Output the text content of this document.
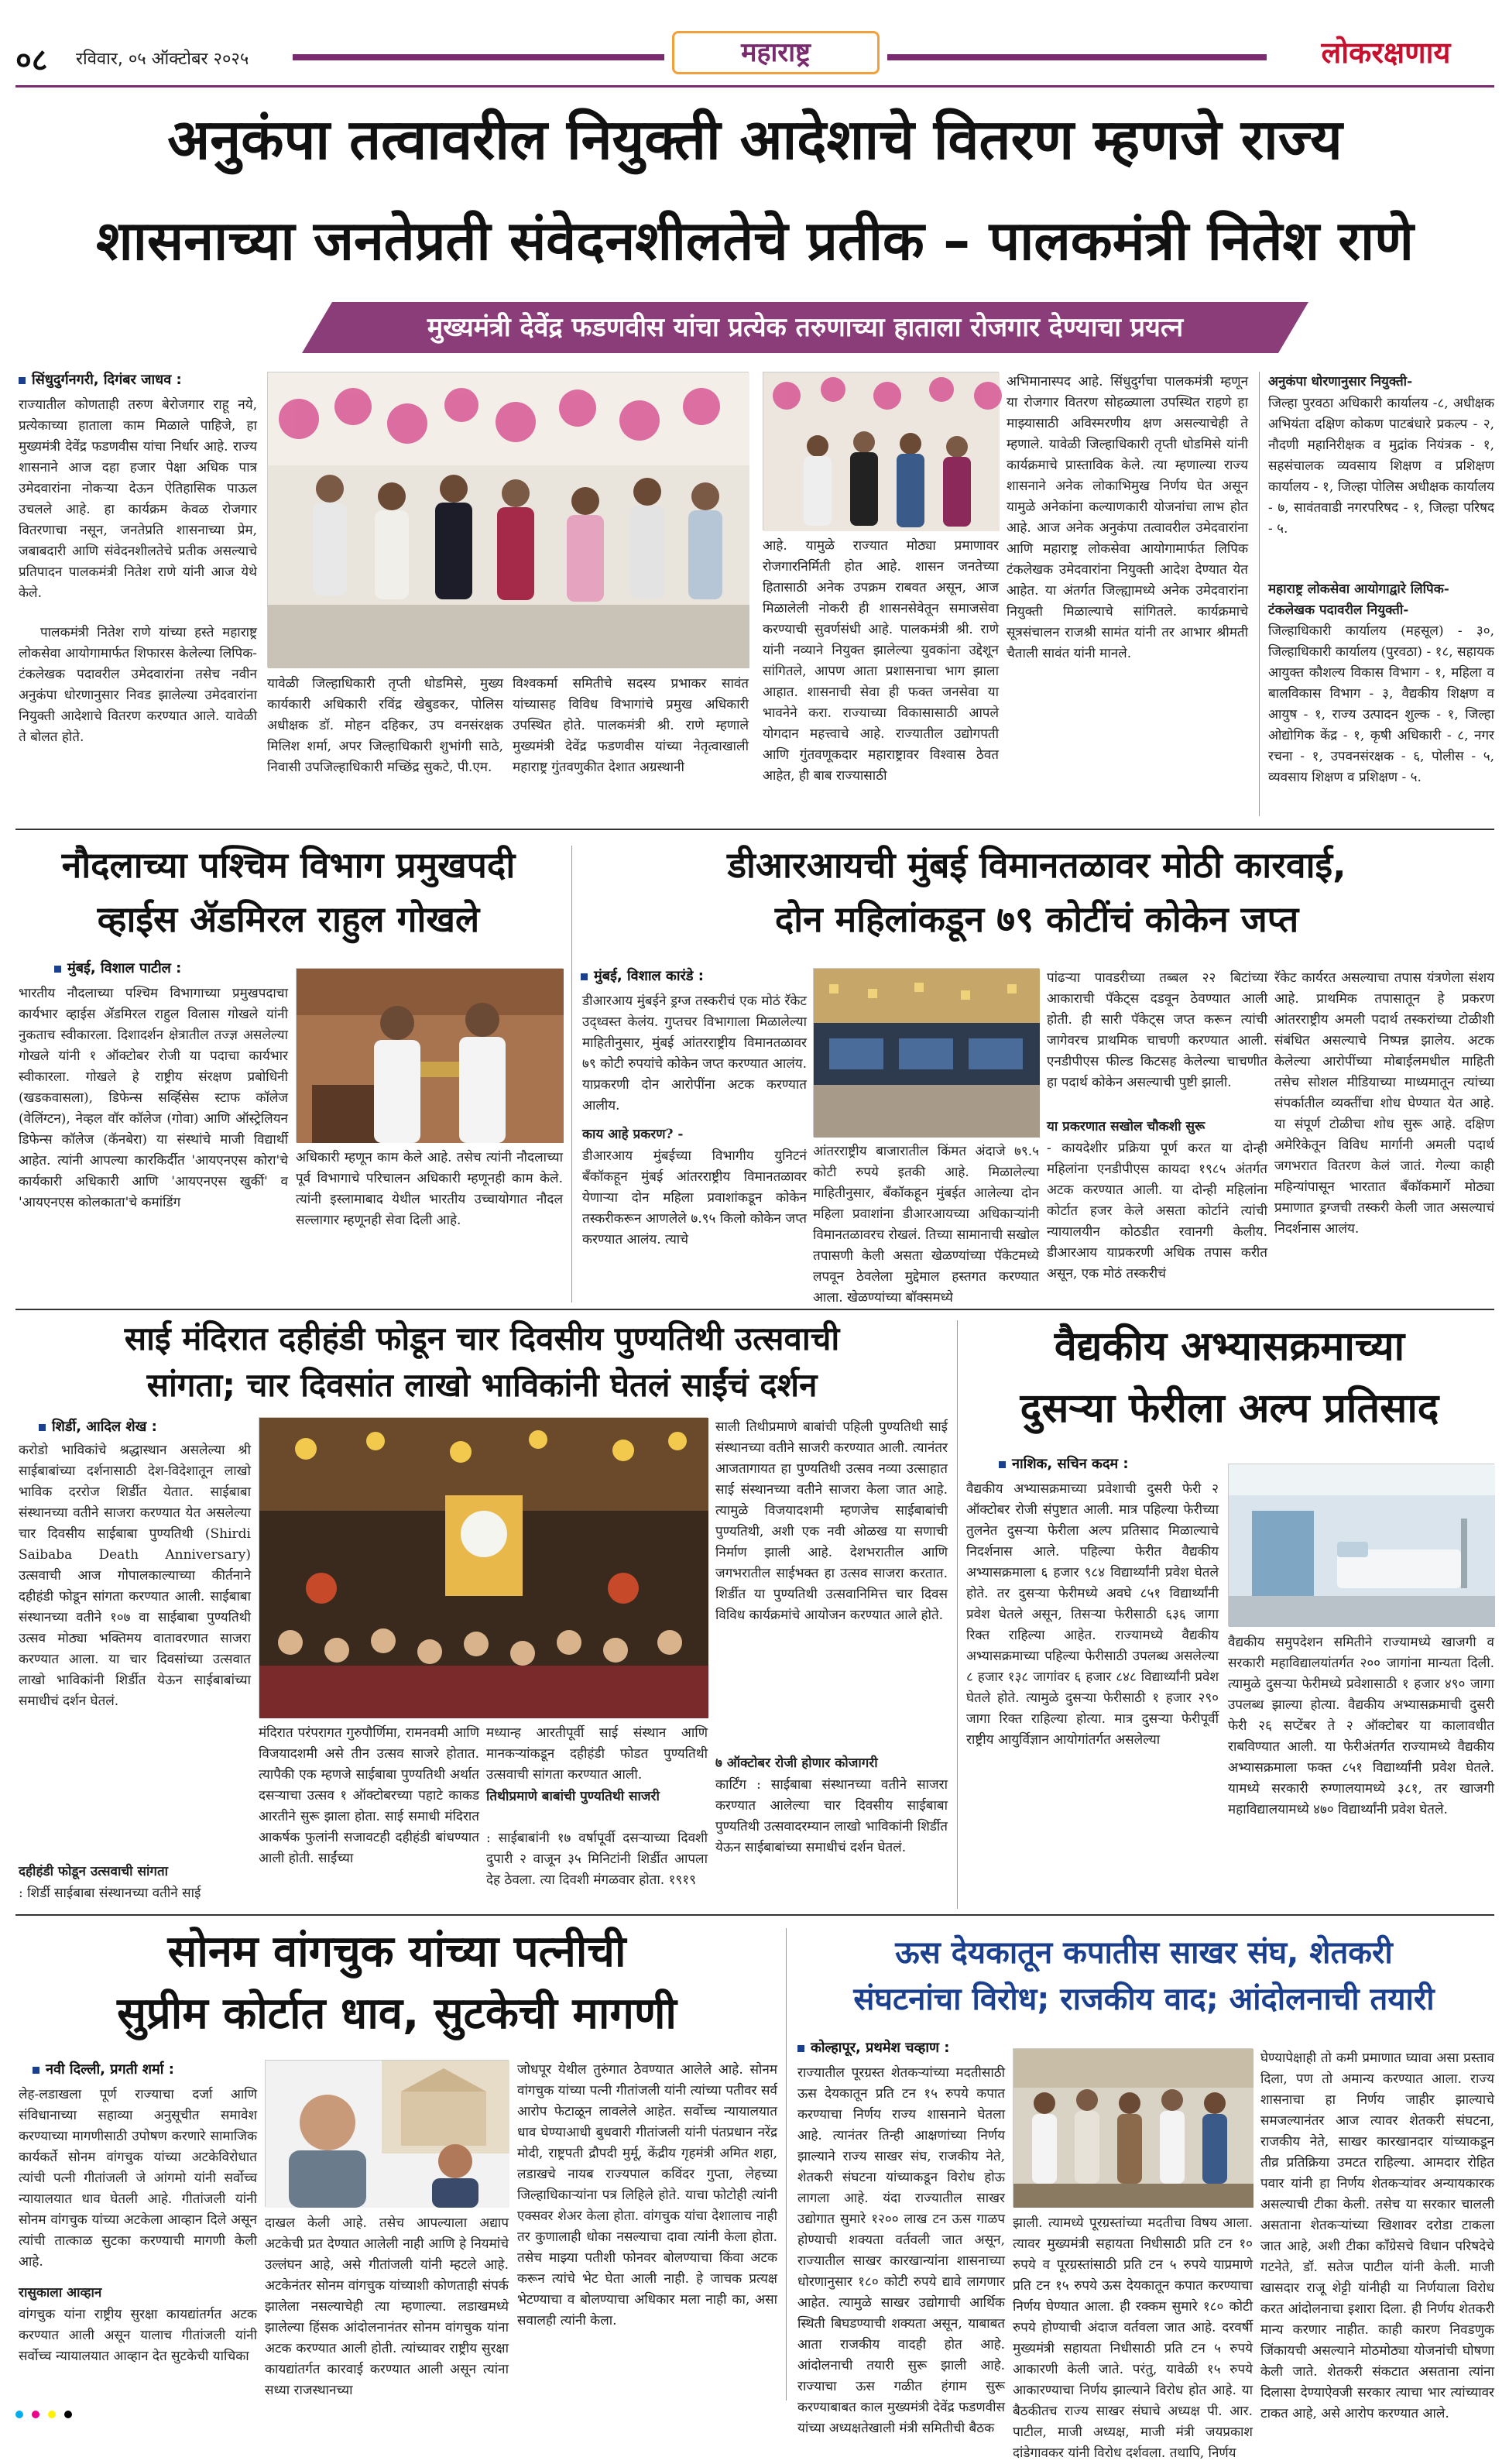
०८ रविवार, ०५ ऑक्टोबर २०२५	महाराष्ट्र	लोकरक्षणाय
अनुकंपा तत्वावरील नियुक्ती आदेशाचे वितरण म्हणजे राज्य
शासनाच्या जनतेप्रती संवेदनशीलतेचे प्रतीक – पालकमंत्री नितेश राणे
मुख्यमंत्री देवेंद्र फडणवीस यांचा प्रत्येक तरुणाच्या हाताला रोजगार देण्याचा प्रयत्न
सिंधुदुर्गनगरी, दिगंबर जाधव :
राज्यातील कोणताही तरुण बेरोजगार राहू नये, प्रत्येकाच्या हाताला काम मिळाले पाहिजे, हा मुख्यमंत्री देवेंद्र फडणवीस यांचा निर्धार आहे. राज्य शासनाने आज दहा हजार पेक्षा अधिक पात्र उमेदवारांना नोकऱ्या देऊन ऐतिहासिक पाऊल उचलले आहे. हा कार्यक्रम केवळ रोजगार वितरणाचा नसून, जनतेप्रति शासनाच्या प्रेम, जबाबदारी आणि संवेदनशीलतेचे प्रतीक असल्याचे प्रतिपादन पालकमंत्री नितेश राणे यांनी आज येथे केले.
पालकमंत्री नितेश राणे यांच्या हस्ते महाराष्ट्र लोकसेवा आयोगामार्फत शिफारस केलेल्या लिपिक-टंकलेखक पदावरील उमेदवारांना तसेच नवीन अनुकंपा धोरणानुसार निवड झालेल्या उमेदवारांना नियुक्ती आदेशाचे वितरण करण्यात आले. यावेळी ते बोलत होते.
यावेळी जिल्हाधिकारी तृप्ती धोडमिसे, मुख्य कार्यकारी अधिकारी रविंद्र खेबुडकर, पोलिस अधीक्षक डॉ. मोहन दहिकर, उप वनसंरक्षक मिलिश शर्मा, अपर जिल्हाधिकारी शुभांगी साठे, निवासी उपजिल्हाधिकारी मच्छिंद्र सुकटे, पी.एम.
विश्वकर्मा समितीचे सदस्य प्रभाकर सावंत यांच्यासह विविध विभागांचे प्रमुख अधिकारी उपस्थित होते. पालकमंत्री श्री. राणे म्हणाले मुख्यमंत्री देवेंद्र फडणवीस यांच्या नेतृत्वाखाली महाराष्ट्र गुंतवणुकीत देशात अग्रस्थानी
आहे. यामुळे राज्यात मोठ्या प्रमाणावर रोजगारनिर्मिती होत आहे. शासन जनतेच्या हितासाठी अनेक उपक्रम राबवत असून, आज मिळालेली नोकरी ही शासनसेवेतून समाजसेवा करण्याची सुवर्णसंधी आहे. पालकमंत्री श्री. राणे यांनी नव्याने नियुक्त झालेल्या युवकांना उद्देशून सांगितले, आपण आता प्रशासनाचा भाग झाला आहात. शासनाची सेवा ही फक्त जनसेवा या भावनेने करा. राज्याच्या विकासासाठी आपले योगदान महत्त्वाचे आहे. राज्यातील उद्योगपती आणि गुंतवणूकदार महाराष्ट्रावर विश्वास ठेवत आहेत, ही बाब राज्यासाठी
अभिमानास्पद आहे. सिंधुदुर्गचा पालकमंत्री म्हणून या रोजगार वितरण सोहळ्याला उपस्थित राहणे हा माझ्यासाठी अविस्मरणीय क्षण असल्याचेही ते म्हणाले. यावेळी जिल्हाधिकारी तृप्ती धोडमिसे यांनी कार्यक्रमाचे प्रास्ताविक केले. त्या म्हणाल्या राज्य शासनाने अनेक लोकाभिमुख निर्णय घेत असून यामुळे अनेकांना कल्याणकारी योजनांचा लाभ होत आहे. आज अनेक अनुकंपा तत्वावरील उमेदवारांना आणि महाराष्ट्र लोकसेवा आयोगामार्फत लिपिक टंकलेखक उमेदवारांना नियुक्ती आदेश देण्यात येत आहेत. या अंतर्गत जिल्ह्यामध्ये अनेक उमेदवारांना नियुक्ती मिळाल्याचे सांगितले. कार्यक्रमाचे सूत्रसंचालन राजश्री सामंत यांनी तर आभार श्रीमती चैताली सावंत यांनी मानले.
अनुकंपा धोरणानुसार नियुक्ती-
जिल्हा पुरवठा अधिकारी कार्यालय -८, अधीक्षक अभियंता दक्षिण कोकण पाटबंधारे प्रकल्प - २, नौदणी महानिरीक्षक व मुद्रांक नियंत्रक - १, सहसंचालक व्यवसाय शिक्षण व प्रशिक्षण कार्यालय - १, जिल्हा पोलिस अधीक्षक कार्यालय - ७, सावंतवाडी नगरपरिषद - १, जिल्हा परिषद - ५.
महाराष्ट्र लोकसेवा आयोगाद्वारे लिपिक-टंकलेखक पदावरील नियुक्ती-
जिल्हाधिकारी कार्यालय (महसूल) - ३०, जिल्हाधिकारी कार्यालय (पुरवठा) - १८, सहायक आयुक्त कौशल्य विकास विभाग - १, महिला व बालविकास विभाग - ३, वैद्यकीय शिक्षण व आयुष - १, राज्य उत्पादन शुल्क - १, जिल्हा ओद्योगिक केंद्र - १, कृषी अधिकारी - ८, नगर रचना - १, उपवनसंरक्षक - ६, पोलीस - ५, व्यवसाय शिक्षण व प्रशिक्षण - ५.
नौदलाच्या पश्चिम विभाग प्रमुखपदी
व्हाईस ॲडमिरल राहुल गोखले
मुंबई, विशाल पाटील :
भारतीय नौदलाच्या पश्चिम विभागाच्या प्रमुखपदाचा कार्यभार व्हाईस ॲडमिरल राहुल विलास गोखले यांनी नुकताच स्वीकारला. दिशादर्शन क्षेत्रातील तज्ज्ञ असलेल्या गोखले यांनी १ ऑक्टोबर रोजी या पदाचा कार्यभार स्वीकारला. गोखले हे राष्ट्रीय संरक्षण प्रबोधिनी (खडकवासला), डिफेन्स सर्व्हिसेस स्टाफ कॉलेज (वेलिंग्टन), नेव्हल वॉर कॉलेज (गोवा) आणि ऑस्ट्रेलियन डिफेन्स कॉलेज (कॅनबेरा) या संस्थांचे माजी विद्यार्थी आहेत. त्यांनी आपल्या कारकिर्दीत 'आयएनएस कोरा'चे कार्यकारी अधिकारी आणि 'आयएनएस खुर्की' व 'आयएनएस कोलकाता'चे कमांडिंग
अधिकारी म्हणून काम केले आहे. तसेच त्यांनी नौदलाच्या पूर्व विभागाचे परिचालन अधिकारी म्हणूनही काम केले. त्यांनी इस्लामाबाद येथील भारतीय उच्चायोगात नौदल सल्लागार म्हणूनही सेवा दिली आहे.
डीआरआयची मुंबई विमानतळावर मोठी कारवाई,
दोन महिलांकडून ७९ कोटींचं कोकेन जप्त
मुंबई, विशाल कारंडे :
डीआरआय मुंबईने ड्रग्ज तस्करीचं एक मोठं रॅकेट उद्ध्वस्त केलंय. गुप्तचर विभागाला मिळालेल्या माहितीनुसार, मुंबई आंतरराष्ट्रीय विमानतळावर ७९ कोटी रुपयांचे कोकेन जप्त करण्यात आलंय. याप्रकरणी दोन आरोपींना अटक करण्यात आलीय.
काय आहे प्रकरण? -
डीआरआय मुंबईच्या विभागीय युनिटनं बँकॉकहून मुंबई आंतरराष्ट्रीय विमानतळावर येणाऱ्या दोन महिला प्रवाशांकडून कोकेन तस्करीकरून आणलेले ७.९५ किलो कोकेन जप्त करण्यात आलंय. त्याचे
आंतरराष्ट्रीय बाजारातील किंमत अंदाजे ७९.५ कोटी रुपये इतकी आहे. मिळालेल्या माहितीनुसार, बँकॉकहून मुंबईत आलेल्या दोन महिला प्रवाशांना डीआरआयच्या अधिकाऱ्यांनी विमानतळावरच रोखलं. तिच्या सामानाची सखोल तपासणी केली असता खेळण्यांच्या पॅकेटमध्ये लपवून ठेवलेला मुद्देमाल हस्तगत करण्यात आला. खेळण्यांच्या बॉक्समध्ये
पांढऱ्या पावडरीच्या तब्बल २२ बिटांच्या आकाराची पॅकेट्स दडवून ठेवण्यात आली होती. ही सारी पॅकेट्स जप्त करून त्यांची जागेवरच प्राथमिक चाचणी करण्यात आली. एनडीपीएस फील्ड किटसह केलेल्या चाचणीत हा पदार्थ कोकेन असल्याची पुष्टी झाली.
या प्रकरणात सखोल चौकशी सुरू
- कायदेशीर प्रक्रिया पूर्ण करत या दोन्ही महिलांना एनडीपीएस कायदा १९८५ अंतर्गत अटक करण्यात आली. या दोन्ही महिलांना कोर्टात हजर केले असता कोर्टाने त्यांची न्यायालयीन कोठडीत रवानगी केलीय. डीआरआय याप्रकरणी अधिक तपास करीत असून, एक मोठं तस्करीचं
रॅकेट कार्यरत असल्याचा तपास यंत्रणेला संशय आहे. प्राथमिक तपासातून हे प्रकरण आंतरराष्ट्रीय अमली पदार्थ तस्करांच्या टोळीशी संबंधित असल्याचे निष्पन्न झालेय. अटक केलेल्या आरोपींच्या मोबाईलमधील माहिती तसेच सोशल मीडियाच्या माध्यमातून त्यांच्या संपर्कातील व्यक्तींचा शोध घेण्यात येत आहे. या संपूर्ण टोळीचा शोध सुरू आहे. दक्षिण अमेरिकेतून विविध मार्गानी अमली पदार्थ जगभरात वितरण केलं जातं. गेल्या काही महिन्यांपासून भारतात बँकॉकमार्गे मोठ्या प्रमाणात ड्रग्जची तस्करी केली जात असल्याचं निदर्शनास आलंय.
साई मंदिरात दहीहंडी फोडून चार दिवसीय पुण्यतिथी उत्सवाची
सांगता; चार दिवसांत लाखो भाविकांनी घेतलं साईंचं दर्शन
शिर्डी, आदिल शेख :
करोडो भाविकांचे श्रद्धास्थान असलेल्या श्री साईबाबांच्या दर्शनासाठी देश-विदेशातून लाखो भाविक दररोज शिर्डीत येतात. साईबाबा संस्थानच्या वतीने साजरा करण्यात येत असलेल्या चार दिवसीय साईबाबा पुण्यतिथी (Shirdi Saibaba Death Anniversary) उत्सवाची आज गोपालकाल्याच्या कीर्तनाने दहीहंडी फोडून सांगता करण्यात आली. साईबाबा संस्थानच्या वतीने १०७ वा साईबाबा पुण्यतिथी उत्सव मोठ्या भक्तिमय वातावरणात साजरा करण्यात आला. या चार दिवसांच्या उत्सवात लाखो भाविकांनी शिर्डीत येऊन साईबाबांच्या समाधीचं दर्शन घेतलं.
दहीहंडी फोडून उत्सवाची सांगता
: शिर्डी साईबाबा संस्थानच्या वतीने साई
मंदिरात परंपरागत गुरुपौर्णिमा, रामनवमी आणि विजयादशमी असे तीन उत्सव साजरे होतात. त्यापैकी एक म्हणजे साईबाबा पुण्यतिथी अर्थात दसऱ्याचा उत्सव १ ऑक्टोबरच्या पहाटे काकड आरतीने सुरू झाला होता. साई समाधी मंदिरात आकर्षक फुलांनी सजावटही दहीहंडी बांधण्यात आली होती. साईंच्या
मध्यान्ह आरतीपूर्वी साई संस्थान आणि मानकऱ्यांकडून दहीहंडी फोडत पुण्यतिथी उत्सवाची सांगता करण्यात आली.
तिथीप्रमाणे बाबांची पुण्यतिथी साजरी
: साईबाबांनी १७ वर्षापूर्वी दसऱ्याच्या दिवशी दुपारी २ वाजून ३५ मिनिटांनी शिर्डीत आपला देह ठेवला. त्या दिवशी मंगळवार होता. १९१९
साली तिथीप्रमाणे बाबांची पहिली पुण्यतिथी साई संस्थानच्या वतीने साजरी करण्यात आली. त्यानंतर आजतागायत हा पुण्यतिथी उत्सव नव्या उत्साहात साई संस्थानच्या वतीने साजरा केला जात आहे. त्यामुळे विजयादशमी म्हणजेच साईबाबांची पुण्यतिथी, अशी एक नवी ओळख या सणाची निर्माण झाली आहे. देशभरातील आणि जगभरातील साईभक्त हा उत्सव साजरा करतात. शिर्डीत या पुण्यतिथी उत्सवानिमित्त चार दिवस विविध कार्यक्रमांचे आयोजन करण्यात आले होते.
७ ऑक्टोबर रोजी होणार कोजागरी
कार्टिंग : साईबाबा संस्थानच्या वतीने साजरा करण्यात आलेल्या चार दिवसीय साईबाबा पुण्यतिथी उत्सवादरम्यान लाखो भाविकांनी शिर्डीत येऊन साईबाबांच्या समाधीचं दर्शन घेतलं.
वैद्यकीय अभ्यासक्रमाच्या
दुसऱ्या फेरीला अल्प प्रतिसाद
नाशिक, सचिन कदम :
वैद्यकीय अभ्यासक्रमाच्या प्रवेशाची दुसरी फेरी २ ऑक्टोबर रोजी संपुष्टात आली. मात्र पहिल्या फेरीच्या तुलनेत दुसऱ्या फेरीला अल्प प्रतिसाद मिळाल्याचे निदर्शनास आले. पहिल्या फेरीत वैद्यकीय अभ्यासक्रमाला ६ हजार ९८४ विद्यार्थ्यांनी प्रवेश घेतले होते. तर दुसऱ्या फेरीमध्ये अवघे ८५१ विद्यार्थ्यांनी प्रवेश घेतले असून, तिसऱ्या फेरीसाठी ६३६ जागा रिक्त राहिल्या आहेत. राज्यामध्ये वैद्यकीय अभ्यासक्रमाच्या पहिल्या फेरीसाठी उपलब्ध असलेल्या ८ हजार १३८ जागांवर ६ हजार ८४८ विद्यार्थ्यांनी प्रवेश घेतले होते. त्यामुळे दुसऱ्या फेरीसाठी १ हजार २९० जागा रिक्त राहिल्या होत्या. मात्र दुसऱ्या फेरीपूर्वी राष्ट्रीय आयुर्विज्ञान आयोगांतर्गत असलेल्या
वैद्यकीय समुपदेशन समितीने राज्यामध्ये खाजगी व सरकारी महाविद्यालयांतर्गत २०० जागांना मान्यता दिली. त्यामुळे दुसऱ्या फेरीमध्ये प्रवेशासाठी १ हजार ४९० जागा उपलब्ध झाल्या होत्या. वैद्यकीय अभ्यासक्रमाची दुसरी फेरी २६ सप्टेंबर ते २ ऑक्टोबर या कालावधीत राबविण्यात आली. या फेरीअंतर्गत राज्यामध्ये वैद्यकीय अभ्यासक्रमाला फक्त ८५१ विद्यार्थ्यांनी प्रवेश घेतले. यामध्ये सरकारी रुग्णालयामध्ये ३८१, तर खाजगी महाविद्यालयामध्ये ४७० विद्यार्थ्यांनी प्रवेश घेतले.
सोनम वांगचुक यांच्या पत्नीची
सुप्रीम कोर्टात धाव, सुटकेची मागणी
नवी दिल्ली, प्रगती शर्मा :
लेह-लडाखला पूर्ण राज्याचा दर्जा आणि संविधानाच्या सहाव्या अनुसूचीत समावेश करण्याच्या मागणीसाठी उपोषण करणारे सामाजिक कार्यकर्ते सोनम वांगचुक यांच्या अटकेविरोधात त्यांची पत्नी गीतांजली जे आंगमो यांनी सर्वोच्च न्यायालयात धाव घेतली आहे. गीतांजली यांनी सोनम वांगचुक यांच्या अटकेला आव्हान दिले असून त्यांची तात्काळ सुटका करण्याची मागणी केली आहे.
रासुकाला आव्हान
वांगचुक यांना राष्ट्रीय सुरक्षा कायद्यांतर्गत अटक करण्यात आली असून यालाच गीतांजली यांनी सर्वोच्च न्यायालयात आव्हान देत सुटकेची याचिका
दाखल केली आहे. तसेच आपल्याला अद्याप अटकेची प्रत देण्यात आलेली नाही आणि हे नियमांचे उल्लंघन आहे, असे गीतांजली यांनी म्हटले आहे. अटकेनंतर सोनम वांगचुक यांच्याशी कोणताही संपर्क झालेला नसल्याचेही त्या म्हणाल्या. लडाखमध्ये झालेल्या हिंसक आंदोलनानंतर सोनम वांगचुक यांना अटक करण्यात आली होती. त्यांच्यावर राष्ट्रीय सुरक्षा कायद्यांतर्गत कारवाई करण्यात आली असून त्यांना सध्या राजस्थानच्या
जोधपूर येथील तुरुंगात ठेवण्यात आलेले आहे. सोनम वांगचुक यांच्या पत्नी गीतांजली यांनी त्यांच्या पतीवर सर्व आरोप फेटाळून लावलेले आहेत. सर्वोच्च न्यायालयात धाव घेण्याआधी बुधवारी गीतांजली यांनी पंतप्रधान नरेंद्र मोदी, राष्ट्रपती द्रौपदी मुर्मू, केंद्रीय गृहमंत्री अमित शहा, लडाखचे नायब राज्यपाल कविंदर गुप्ता, लेहच्या जिल्हाधिकाऱ्यांना पत्र लिहिले होते. याचा फोटोही त्यांनी एक्सवर शेअर केला होता. वांगचुक यांचा देशालाच नाही तर कुणालाही धोका नसल्याचा दावा त्यांनी केला होता. तसेच माझ्या पतीशी फोनवर बोलण्याचा किंवा अटक करून त्यांचे भेट घेता आली नाही. हे जाचक प्रत्यक्ष भेटण्याचा व बोलण्याचा अधिकार मला नाही का, असा सवालही त्यांनी केला.
ऊस देयकातून कपातीस साखर संघ, शेतकरी
संघटनांचा विरोध; राजकीय वाद; आंदोलनाची तयारी
कोल्हापूर, प्रथमेश चव्हाण :
राज्यातील पूरग्रस्त शेतकऱ्यांच्या मदतीसाठी ऊस देयकातून प्रति टन १५ रुपये कपात करण्याचा निर्णय राज्य शासनाने घेतला आहे. त्यानंतर तिन्ही आक्षणांच्या निर्णय झाल्याने राज्य साखर संघ, राजकीय नेते, शेतकरी संघटना यांच्याकडून विरोध होऊ लागला आहे. यंदा राज्यातील साखर उद्योगात सुमारे १२०० लाख टन ऊस गाळप होण्याची शक्यता वर्तवली जात असून, राज्यातील साखर कारखान्यांना शासनाच्या धोरणानुसार १८० कोटी रुपये द्यावे लागणार आहेत. त्यामुळे साखर उद्योगाची आर्थिक स्थिती बिघडण्याची शक्यता असून, याबाबत आता राजकीय वादही होत आहे. आंदोलनाची तयारी सुरू झाली आहे. राज्याचा ऊस गळीत हंगाम सुरू करण्याबाबत काल मुख्यमंत्री देवेंद्र फडणवीस यांच्या अध्यक्षतेखाली मंत्री समितीची बैठक
झाली. त्यामध्ये पूरग्रस्तांच्या मदतीचा विषय आला. त्यावर मुख्यमंत्री सहायता निधीसाठी प्रति टन १० रुपये व पूरग्रस्तांसाठी प्रति टन ५ रुपये याप्रमाणे प्रति टन १५ रुपये ऊस देयकातून कपात करण्याचा निर्णय घेण्यात आला. ही रक्कम सुमारे १८० कोटी रुपये होण्याची अंदाज वर्तवला जात आहे. दरवर्षी मुख्यमंत्री सहायता निधीसाठी प्रति टन ५ रुपये आकारणी केली जाते. परंतु, यावेळी १५ रुपये आकारण्याचा निर्णय झाल्याने विरोध होत आहे. या बैठकीतच राज्य साखर संघाचे अध्यक्ष पी. आर. पाटील, माजी अध्यक्ष, माजी मंत्री जयप्रकाश दांडेगावकर यांनी विरोध दर्शवला. तथापि, निर्णय
घेण्यापेक्षाही तो कमी प्रमाणात घ्यावा असा प्रस्ताव दिला, पण तो अमान्य करण्यात आला. राज्य शासनाचा हा निर्णय जाहीर झाल्याचे समजल्यानंतर आज त्यावर शेतकरी संघटना, राजकीय नेते, साखर कारखानदार यांच्याकडून तीव्र प्रतिक्रिया उमटत राहिल्या. आमदार रोहित पवार यांनी हा निर्णय शेतकऱ्यांवर अन्यायकारक असल्याची टीका केली. तसेच या सरकार चालली असताना शेतकऱ्यांच्या खिशावर दरोडा टाकला जात आहे, अशी टीका काँग्रेसचे विधान परिषदेचे गटनेते, डॉ. सतेज पाटील यांनी केली. माजी खासदार राजू शेट्टी यांनीही या निर्णयाला विरोध करत आंदोलनाचा इशारा दिला. ही निर्णय शेतकरी मान्य करणार नाहीत. काही कारण निवडणुक जिंकायची असल्याने मोठमोठ्या योजनांची घोषणा केली जाते. शेतकरी संकटात असताना त्यांना दिलासा देण्याऐवजी सरकार त्याचा भार त्यांच्यावर टाकत आहे, असे आरोप करण्यात आले.
